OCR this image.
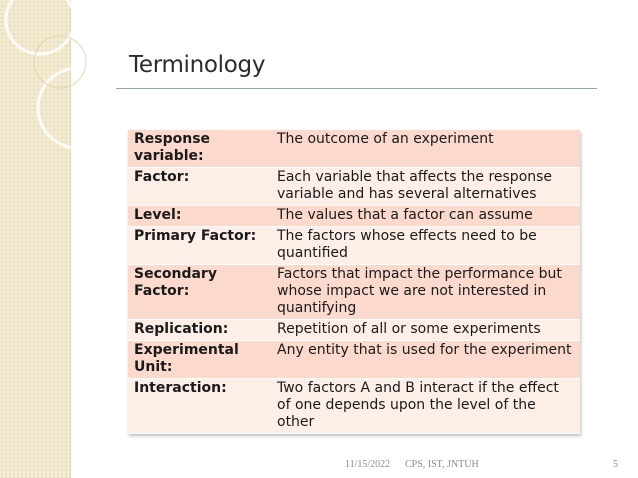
Terminology
Response variable:	The outcome of an experiment
Factor:	Each variable that affects the response variable and has several alternatives
Level:	The values that a factor can assume
Primary Factor:	The factors whose effects need to be quantified
Secondary Factor:	Factors that impact the performance but whose impact we are not interested in quantifying
Replication:	Repetition of all or some experiments
Experimental Unit:	Any entity that is used for the experiment
Interaction:	Two factors A and B interact if the effect of one depends upon the level of the other
11/15/2022 CPS, IST, JNTUH	5
